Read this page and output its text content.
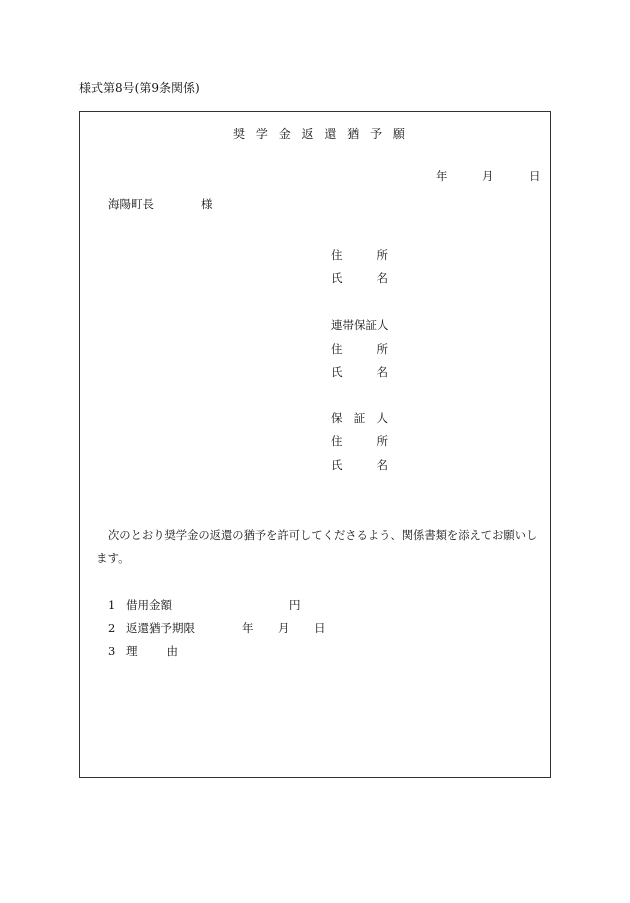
様式第8号(第9条関係)
奨 学 金 返 還 猶 予 願
年	月	日
海陽町長	様
住	所
氏	名
連帯保証人
住	所
氏	名
保 証 人
住	所
氏	名
次のとおり奨学金の返還の猶予を許可してくださるよう、関係書類を添えてお願いし
ます。
1 借用金額	円
2 返還猶予期限	年 月 日
3 理	由
